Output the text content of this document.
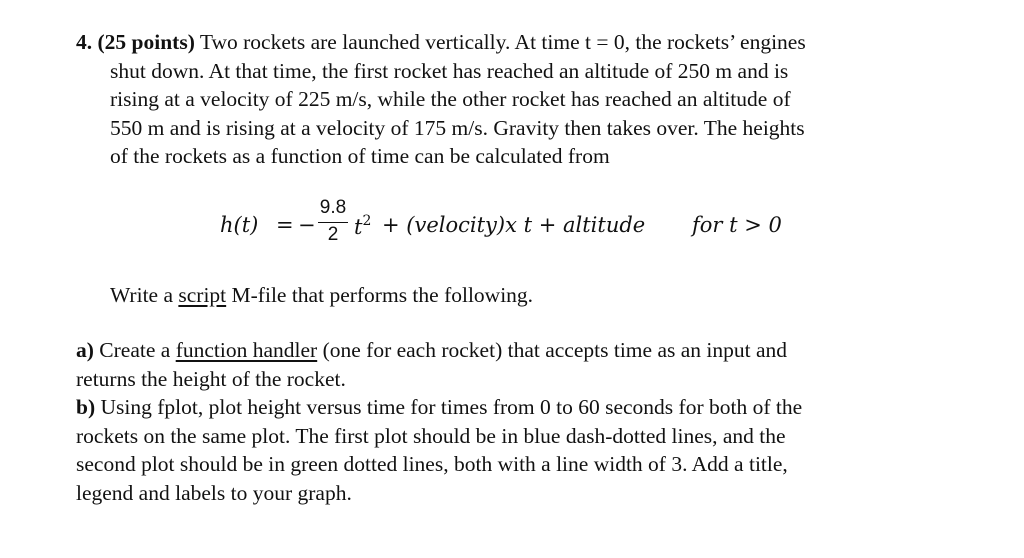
4. (25 points) Two rockets are launched vertically. At time t = 0, the rockets’ engines
shut down. At that time, the first rocket has reached an altitude of 250 m and is
rising at a velocity of 225 m/s, while the other rocket has reached an altitude of
550 m and is rising at a velocity of 175 m/s. Gravity then takes over. The heights
of the rockets as a function of time can be calculated from
h(t) = −
9.8
2 $t^2$ + (velocity)x t + altitude for t > 0
Write a script M-file that performs the following.

a) Create a function handler (one for each rocket) that accepts time as an input and

returns the height of the rocket.

b) Using fplot, plot height versus time for times from 0 to 60 seconds for both of the

rockets on the same plot. The first plot should be in blue dash-dotted lines, and the

second plot should be in green dotted lines, both with a line width of 3. Add a title,

legend and labels to your graph.
